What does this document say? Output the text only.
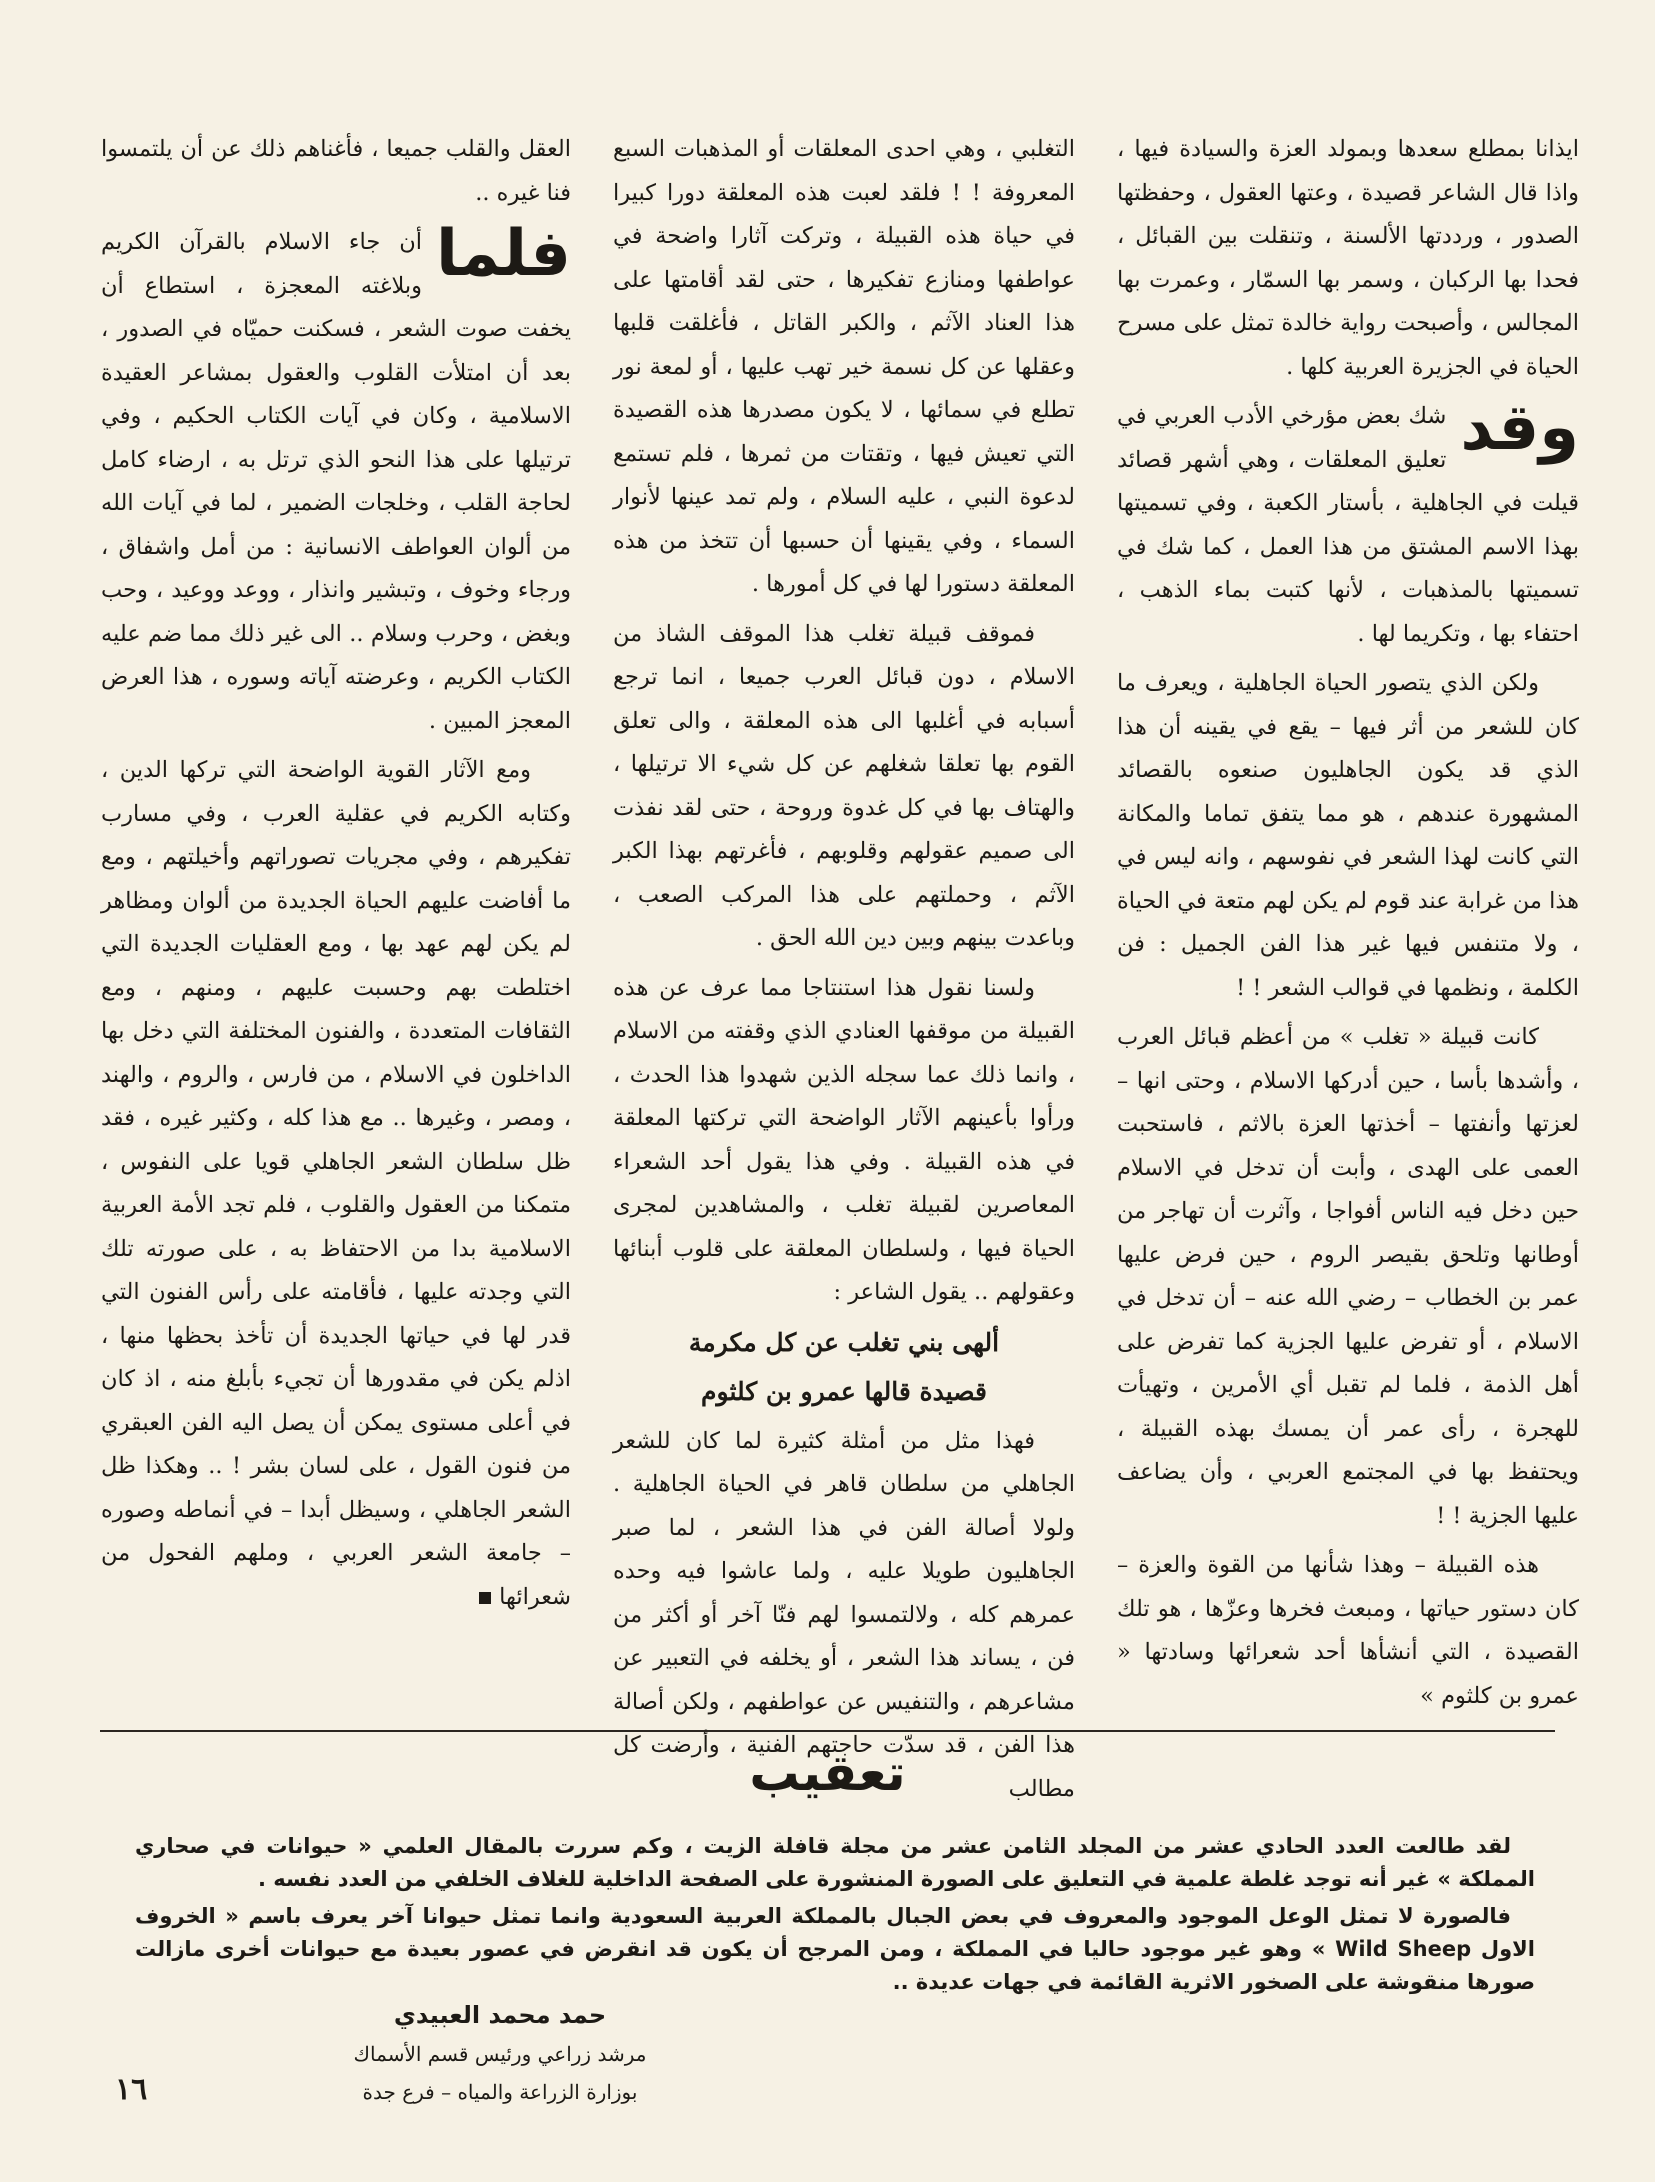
ايذانا بمطلع سعدها وبمولد العزة والسيادة فيها ، واذا قال الشاعر قصيدة ، وعتها العقول ، وحفظتها الصدور ، ورددتها الألسنة ، وتنقلت بين القبائل ، فحدا بها الركبان ، وسمر بها السمّار ، وعمرت بها المجالس ، وأصبحت رواية خالدة تمثل على مسرح الحياة في الجزيرة العربية كلها .

وقد
شك بعض مؤرخي الأدب العربي في تعليق المعلقات ، وهي أشهر قصائد قيلت في الجاهلية ، بأستار الكعبة ، وفي تسميتها بهذا الاسم المشتق من هذا العمل ، كما شك في تسميتها بالمذهبات ، لأنها كتبت بماء الذهب ، احتفاء بها ، وتكريما لها .

ولكن الذي يتصور الحياة الجاهلية ، ويعرف ما كان للشعر من أثر فيها – يقع في يقينه أن هذا الذي قد يكون الجاهليون صنعوه بالقصائد المشهورة عندهم ، هو مما يتفق تماما والمكانة التي كانت لهذا الشعر في نفوسهم ، وانه ليس في هذا من غرابة عند قوم لم يكن لهم متعة في الحياة ، ولا متنفس فيها غير هذا الفن الجميل : فن الكلمة ، ونظمها في قوالب الشعر ! !

كانت قبيلة « تغلب » من أعظم قبائل العرب ، وأشدها بأسا ، حين أدركها الاسلام ، وحتى انها – لعزتها وأنفتها – أخذتها العزة بالاثم ، فاستحبت العمى على الهدى ، وأبت أن تدخل في الاسلام حين دخل فيه الناس أفواجا ، وآثرت أن تهاجر من أوطانها وتلحق بقيصر الروم ، حين فرض عليها عمر بن الخطاب – رضي الله عنه – أن تدخل في الاسلام ، أو تفرض عليها الجزية كما تفرض على أهل الذمة ، فلما لم تقبل أي الأمرين ، وتهيأت للهجرة ، رأى عمر أن يمسك بهذه القبيلة ، ويحتفظ بها في المجتمع العربي ، وأن يضاعف عليها الجزية ! !

هذه القبيلة – وهذا شأنها من القوة والعزة – كان دستور حياتها ، ومبعث فخرها وعزّها ، هو تلك القصيدة ، التي أنشأها أحد شعرائها وسادتها « عمرو بن كلثوم »

التغلبي ، وهي احدى المعلقات أو المذهبات السبع المعروفة ! ! فلقد لعبت هذه المعلقة دورا كبيرا في حياة هذه القبيلة ، وتركت آثارا واضحة في عواطفها ومنازع تفكيرها ، حتى لقد أقامتها على هذا العناد الآثم ، والكبر القاتل ، فأغلقت قلبها وعقلها عن كل نسمة خير تهب عليها ، أو لمعة نور تطلع في سمائها ، لا يكون مصدرها هذه القصيدة التي تعيش فيها ، وتقتات من ثمرها ، فلم تستمع لدعوة النبي ، عليه السلام ، ولم تمد عينها لأنوار السماء ، وفي يقينها أن حسبها أن تتخذ من هذه المعلقة دستورا لها في كل أمورها .

فموقف قبيلة تغلب هذا الموقف الشاذ من الاسلام ، دون قبائل العرب جميعا ، انما ترجع أسبابه في أغلبها الى هذه المعلقة ، والى تعلق القوم بها تعلقا شغلهم عن كل شيء الا ترتيلها ، والهتاف بها في كل غدوة وروحة ، حتى لقد نفذت الى صميم عقولهم وقلوبهم ، فأغرتهم بهذا الكبر الآثم ، وحملتهم على هذا المركب الصعب ، وباعدت بينهم وبين دين الله الحق .

ولسنا نقول هذا استنتاجا مما عرف عن هذه القبيلة من موقفها العنادي الذي وقفته من الاسلام ، وانما ذلك عما سجله الذين شهدوا هذا الحدث ، ورأوا بأعينهم الآثار الواضحة التي تركتها المعلقة في هذه القبيلة . وفي هذا يقول أحد الشعراء المعاصرين لقبيلة تغلب ، والمشاهدين لمجرى الحياة فيها ، ولسلطان المعلقة على قلوب أبنائها وعقولهم .. يقول الشاعر :

ألهى بني تغلب عن كل مكرمة
قصيدة قالها عمرو بن كلثوم

فهذا مثل من أمثلة كثيرة لما كان للشعر الجاهلي من سلطان قاهر في الحياة الجاهلية . ولولا أصالة الفن في هذا الشعر ، لما صبر الجاهليون طويلا عليه ، ولما عاشوا فيه وحده عمرهم كله ، ولالتمسوا لهم فنّا آخر أو أكثر من فن ، يساند هذا الشعر ، أو يخلفه في التعبير عن مشاعرهم ، والتنفيس عن عواطفهم ، ولكن أصالة هذا الفن ، قد سدّت حاجتهم الفنية ، وأرضت كل مطالب

العقل والقلب جميعا ، فأغناهم ذلك عن أن يلتمسوا فنا غيره ..

فلما
أن جاء الاسلام بالقرآن الكريم وبلاغته المعجزة ، استطاع أن يخفت صوت الشعر ، فسكنت حميّاه في الصدور ، بعد أن امتلأت القلوب والعقول بمشاعر العقيدة الاسلامية ، وكان في آيات الكتاب الحكيم ، وفي ترتيلها على هذا النحو الذي ترتل به ، ارضاء كامل لحاجة القلب ، وخلجات الضمير ، لما في آيات الله من ألوان العواطف الانسانية : من أمل واشفاق ، ورجاء وخوف ، وتبشير وانذار ، ووعد ووعيد ، وحب وبغض ، وحرب وسلام .. الى غير ذلك مما ضم عليه الكتاب الكريم ، وعرضته آياته وسوره ، هذا العرض المعجز المبين .

ومع الآثار القوية الواضحة التي تركها الدين ، وكتابه الكريم في عقلية العرب ، وفي مسارب تفكيرهم ، وفي مجريات تصوراتهم وأخيلتهم ، ومع ما أفاضت عليهم الحياة الجديدة من ألوان ومظاهر لم يكن لهم عهد بها ، ومع العقليات الجديدة التي اختلطت بهم وحسبت عليهم ، ومنهم ، ومع الثقافات المتعددة ، والفنون المختلفة التي دخل بها الداخلون في الاسلام ، من فارس ، والروم ، والهند ، ومصر ، وغيرها .. مع هذا كله ، وكثير غيره ، فقد ظل سلطان الشعر الجاهلي قويا على النفوس ، متمكنا من العقول والقلوب ، فلم تجد الأمة العربية الاسلامية بدا من الاحتفاظ به ، على صورته تلك التي وجدته عليها ، فأقامته على رأس الفنون التي قدر لها في حياتها الجديدة أن تأخذ بحظها منها ، اذلم يكن في مقدورها أن تجيء بأبلغ منه ، اذ كان في أعلى مستوى يمكن أن يصل اليه الفن العبقري من فنون القول ، على لسان بشر ! .. وهكذا ظل الشعر الجاهلي ، وسيظل أبدا – في أنماطه وصوره – جامعة الشعر العربي ، وملهم الفحول من شعرائها

تعقيب

لقد طالعت العدد الحادي عشر من المجلد الثامن عشر من مجلة قافلة الزيت ، وكم سررت بالمقال العلمي « حيوانات في صحاري المملكة » غير أنه توجد غلطة علمية في التعليق على الصورة المنشورة على الصفحة الداخلية للغلاف الخلفي من العدد نفسه .

فالصورة لا تمثل الوعل الموجود والمعروف في بعض الجبال بالمملكة العربية السعودية وانما تمثل حيوانا آخر يعرف باسم « الخروف الاول Wild Sheep » وهو غير موجود حاليا في المملكة ، ومن المرجح أن يكون قد انقرض في عصور بعيدة مع حيوانات أخرى مازالت صورها منقوشة على الصخور الاثرية القائمة في جهات عديدة ..

حمد محمد العبيدي
مرشد زراعي ورئيس قسم الأسماك
بوزارة الزراعة والمياه – فرع جدة
١٦
